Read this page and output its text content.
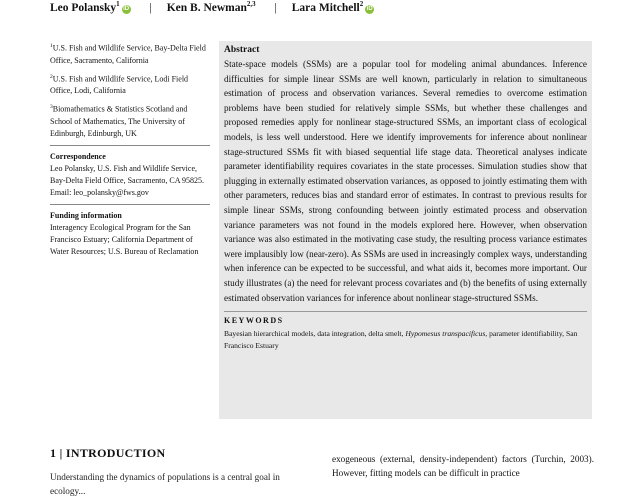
Leo Polansky$^1$iD | Ken B. Newman$^{2,3}$ | Lara Mitchell$^2$iD
$^1$U.S. Fish and Wildlife Service, Bay-Delta Field Office, Sacramento, California
$^2$U.S. Fish and Wildlife Service, Lodi Field Office, Lodi, California
$^3$Biomathematics & Statistics Scotland and School of Mathematics, The University of Edinburgh, Edinburgh, UK
Correspondence
Leo Polansky, U.S. Fish and Wildlife Service, Bay-Delta Field Office, Sacramento, CA 95825.
Email: leo_polansky@fws.gov
Funding information
Interagency Ecological Program for the San Francisco Estuary; California Department of Water Resources; U.S. Bureau of Reclamation
Abstract

State-space models (SSMs) are a popular tool for modeling animal abundances. Inference difficulties for simple linear SSMs are well known, particularly in relation to simultaneous estimation of process and observation variances. Several remedies to overcome estimation problems have been studied for relatively simple SSMs, but whether these challenges and proposed remedies apply for nonlinear stage-structured SSMs, an important class of ecological models, is less well understood. Here we identify improvements for inference about nonlinear stage-structured SSMs fit with biased sequential life stage data. Theoretical analyses indicate parameter identifiability requires covariates in the state processes. Simulation studies show that plugging in externally estimated observation variances, as opposed to jointly estimating them with other parameters, reduces bias and standard error of estimates. In contrast to previous results for simple linear SSMs, strong confounding between jointly estimated process and observation variance parameters was not found in the models explored here. However, when observation variance was also estimated in the motivating case study, the resulting process variance estimates were implausibly low (near-zero). As SSMs are used in increasingly complex ways, understanding when inference can be expected to be successful, and what aids it, becomes more important. Our study illustrates (a) the need for relevant process covariates and (b) the benefits of using externally estimated observation variances for inference about nonlinear stage-structured SSMs.

KEYWORDS
Bayesian hierarchical models, data integration, delta smelt, Hypomesus transpacificus, parameter identifiability, San Francisco Estuary
1 | INTRODUCTION
Understanding the dynamics of populations is a central goal in ecology...
exogeneous (external, density-independent) factors (Turchin, 2003). However, fitting models can be difficult in practice
